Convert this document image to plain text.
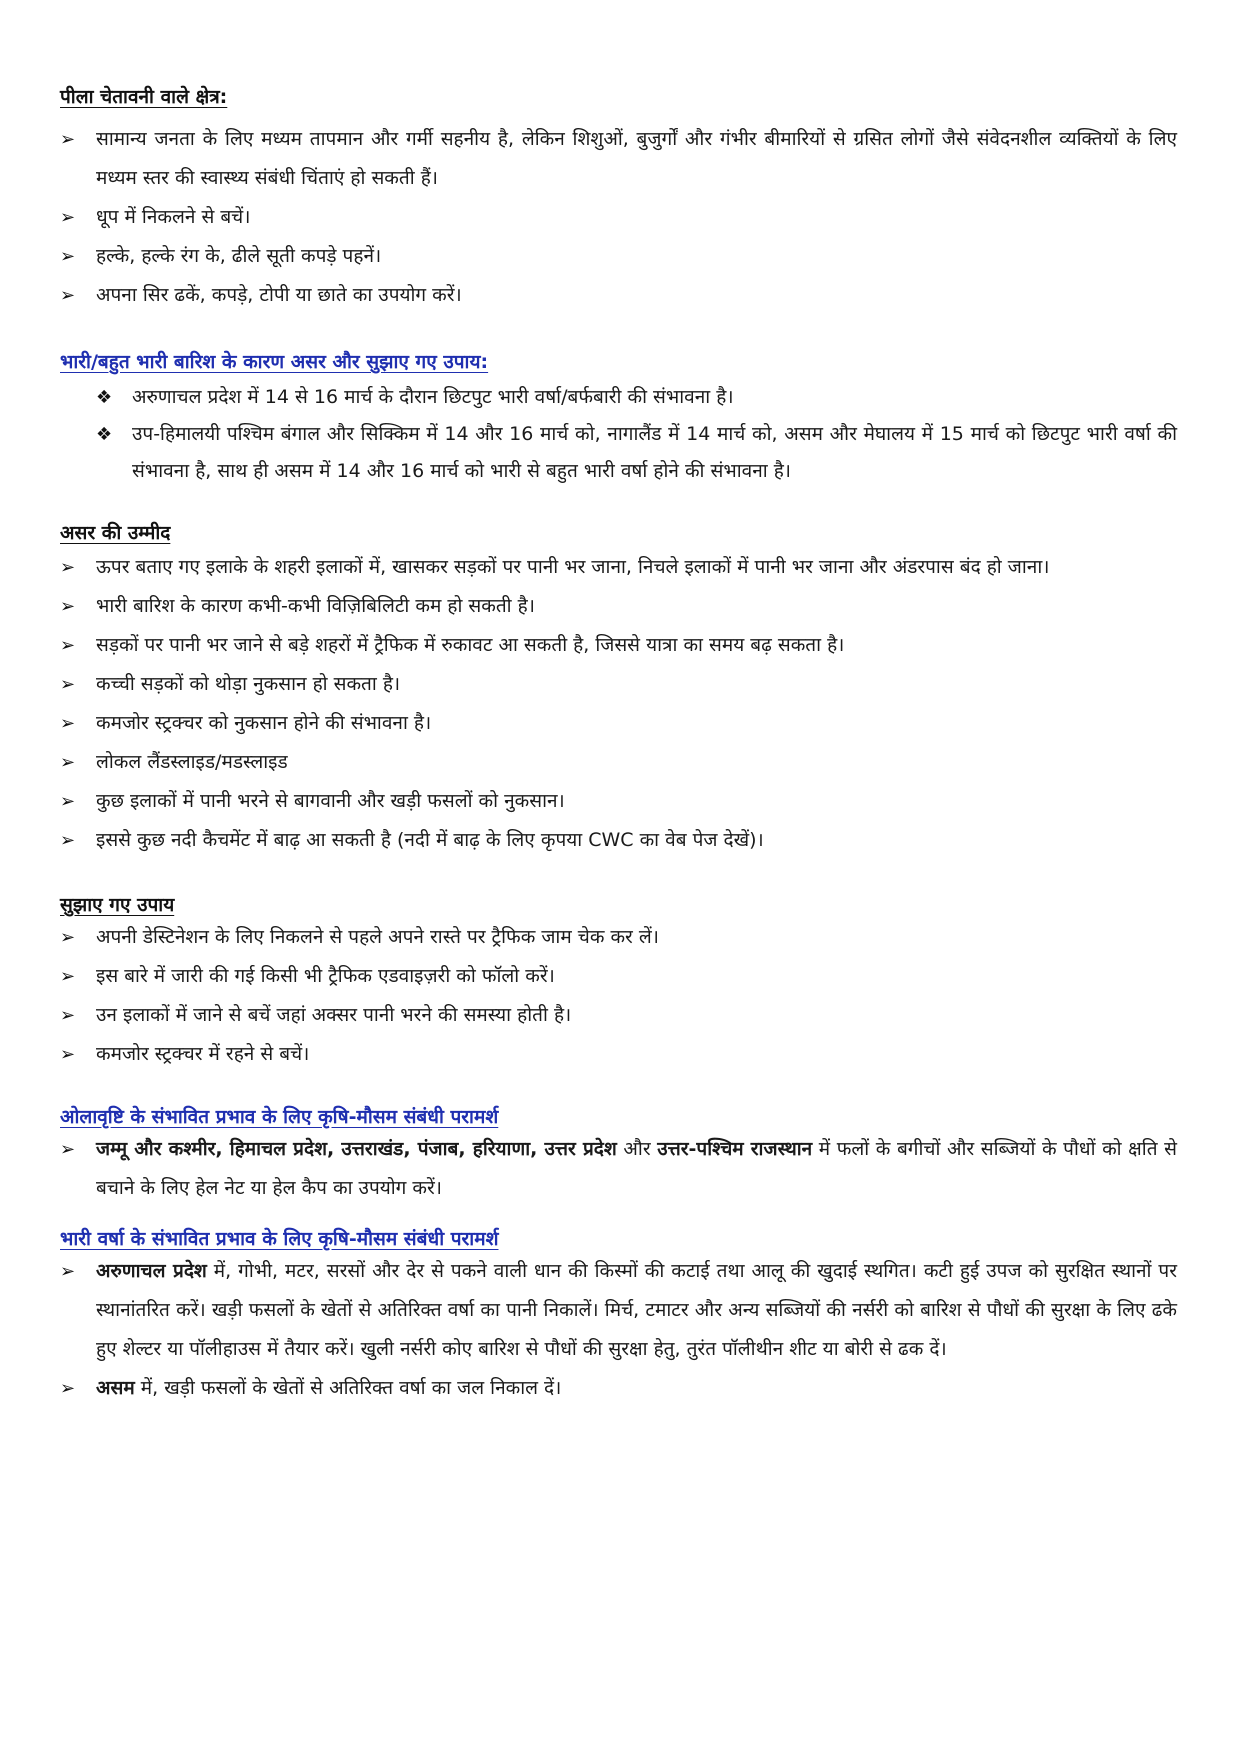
पीला चेतावनी वाले क्षेत्र:
➢ सामान्य जनता के लिए मध्यम तापमान और गर्मी सहनीय है, लेकिन शिशुओं, बुजुर्गों और गंभीर बीमारियों से ग्रसित लोगों जैसे संवेदनशील व्यक्तियों के लिए मध्यम स्तर की स्वास्थ्य संबंधी चिंताएं हो सकती हैं।
➢ धूप में निकलने से बचें।
➢ हल्के, हल्के रंग के, ढीले सूती कपड़े पहनें।
➢ अपना सिर ढकें, कपड़े, टोपी या छाते का उपयोग करें।
भारी/बहुत भारी बारिश के कारण असर और सुझाए गए उपाय:
❖ अरुणाचल प्रदेश में 14 से 16 मार्च के दौरान छिटपुट भारी वर्षा/बर्फबारी की संभावना है।
❖ उप-हिमालयी पश्चिम बंगाल और सिक्किम में 14 और 16 मार्च को, नागालैंड में 14 मार्च को, असम और मेघालय में 15 मार्च को छिटपुट भारी वर्षा की संभावना है, साथ ही असम में 14 और 16 मार्च को भारी से बहुत भारी वर्षा होने की संभावना है।
असर की उम्मीद
➢ ऊपर बताए गए इलाके के शहरी इलाकों में, खासकर सड़कों पर पानी भर जाना, निचले इलाकों में पानी भर जाना और अंडरपास बंद हो जाना।
➢ भारी बारिश के कारण कभी-कभी विज़िबिलिटी कम हो सकती है।
➢ सड़कों पर पानी भर जाने से बड़े शहरों में ट्रैफिक में रुकावट आ सकती है, जिससे यात्रा का समय बढ़ सकता है।
➢ कच्ची सड़कों को थोड़ा नुकसान हो सकता है।
➢ कमजोर स्ट्रक्चर को नुकसान होने की संभावना है।
➢ लोकल लैंडस्लाइड/मडस्लाइड
➢ कुछ इलाकों में पानी भरने से बागवानी और खड़ी फसलों को नुकसान।
➢ इससे कुछ नदी कैचमेंट में बाढ़ आ सकती है (नदी में बाढ़ के लिए कृपया CWC का वेब पेज देखें)।
सुझाए गए उपाय
➢ अपनी डेस्टिनेशन के लिए निकलने से पहले अपने रास्ते पर ट्रैफिक जाम चेक कर लें।
➢ इस बारे में जारी की गई किसी भी ट्रैफिक एडवाइज़री को फॉलो करें।
➢ उन इलाकों में जाने से बचें जहां अक्सर पानी भरने की समस्या होती है।
➢ कमजोर स्ट्रक्चर में रहने से बचें।
ओलावृष्टि के संभावित प्रभाव के लिए कृषि-मौसम संबंधी परामर्श
➢ जम्मू और कश्मीर, हिमाचल प्रदेश, उत्तराखंड, पंजाब, हरियाणा, उत्तर प्रदेश और उत्तर-पश्चिम राजस्थान में फलों के बगीचों और सब्जियों के पौधों को क्षति से बचाने के लिए हेल नेट या हेल कैप का उपयोग करें।
भारी वर्षा के संभावित प्रभाव के लिए कृषि-मौसम संबंधी परामर्श
➢ अरुणाचल प्रदेश में, गोभी, मटर, सरसों और देर से पकने वाली धान की किस्मों की कटाई तथा आलू की खुदाई स्थगित। कटी हुई उपज को सुरक्षित स्थानों पर स्थानांतरित करें। खड़ी फसलों के खेतों से अतिरिक्त वर्षा का पानी निकालें। मिर्च, टमाटर और अन्य सब्जियों की नर्सरी को बारिश से पौधों की सुरक्षा के लिए ढके हुए शेल्टर या पॉलीहाउस में तैयार करें। खुली नर्सरी कोए बारिश से पौधों की सुरक्षा हेतु, तुरंत पॉलीथीन शीट या बोरी से ढक दें।
➢ असम में, खड़ी फसलों के खेतों से अतिरिक्त वर्षा का जल निकाल दें।
